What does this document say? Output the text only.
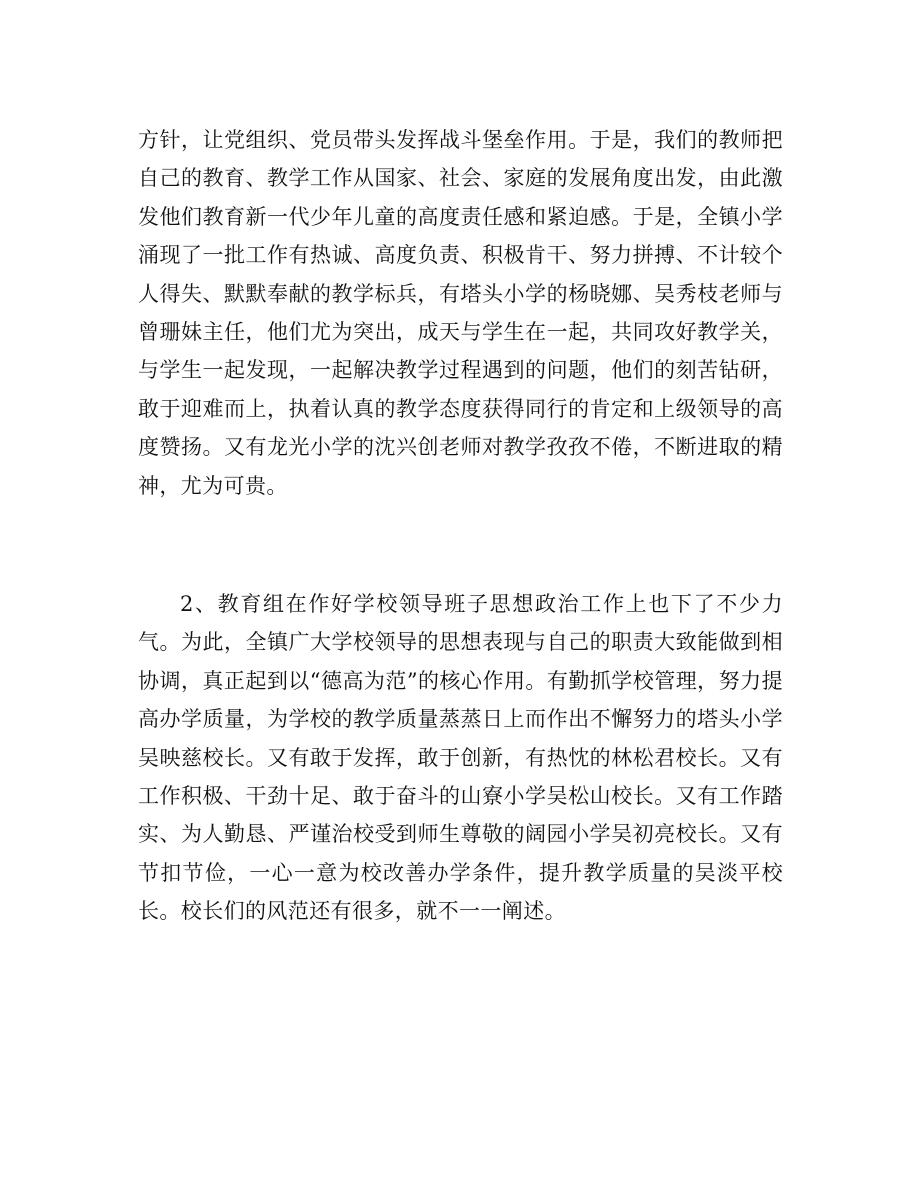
方针，让党组织、党员带头发挥战斗堡垒作用。于是，我们的教师把自己的教育、教学工作从国家、社会、家庭的发展角度出发，由此激发他们教育新一代少年儿童的高度责任感和紧迫感。于是，全镇小学涌现了一批工作有热诚、高度负责、积极肯干、努力拼搏、不计较个人得失、默默奉献的教学标兵，有塔头小学的杨晓娜、吴秀枝老师与曾珊妹主任，他们尤为突出，成天与学生在一起，共同攻好教学关，与学生一起发现，一起解决教学过程遇到的问题，他们的刻苦钻研，敢于迎难而上，执着认真的教学态度获得同行的肯定和上级领导的高度赞扬。又有龙光小学的沈兴创老师对教学孜孜不倦，不断进取的精神，尤为可贵。

2、教育组在作好学校领导班子思想政治工作上也下了不少力气。为此，全镇广大学校领导的思想表现与自己的职责大致能做到相协调，真正起到以“德高为范”的核心作用。有勤抓学校管理，努力提高办学质量，为学校的教学质量蒸蒸日上而作出不懈努力的塔头小学吴映慈校长。又有敢于发挥，敢于创新，有热忱的林松君校长。又有工作积极、干劲十足、敢于奋斗的山寮小学吴松山校长。又有工作踏实、为人勤恳、严谨治校受到师生尊敬的阔园小学吴初亮校长。又有节扣节俭，一心一意为校改善办学条件，提升教学质量的吴淡平校长。校长们的风范还有很多，就不一一阐述。
